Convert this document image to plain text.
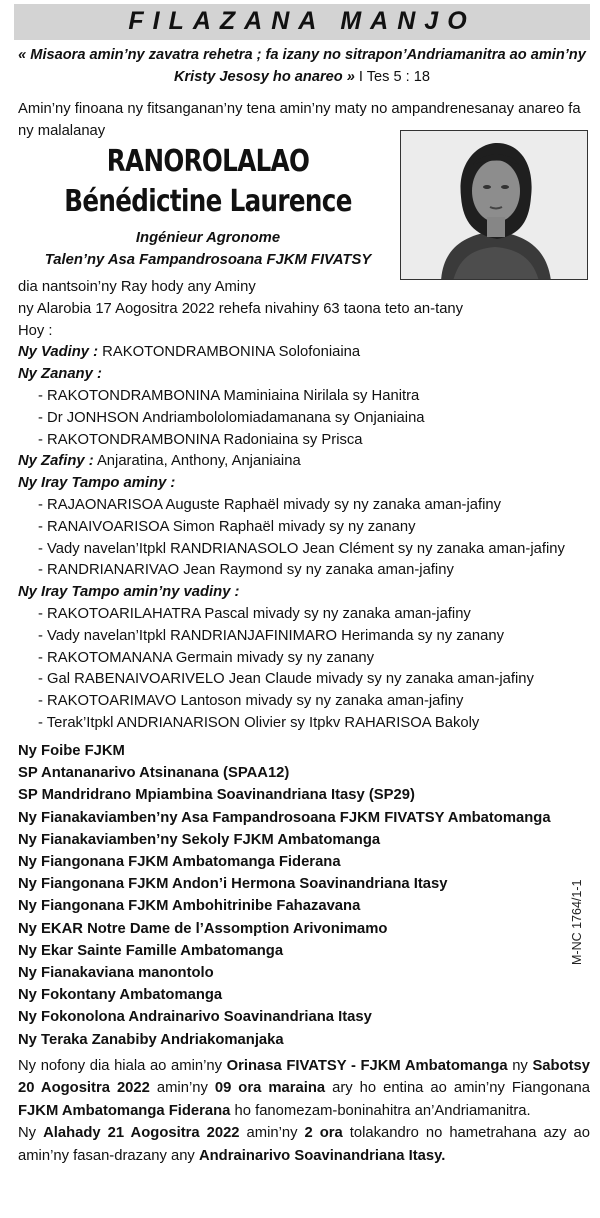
FILAZANA MANJO
« Misaora amin’ny zavatra rehetra ; fa izany no sitrapon’Andriamanitra ao amin’ny Kristy Jesosy ho anareo » I Tes 5 : 18
Amin’ny finoana ny fitsanganan’ny tena amin’ny maty no ampandrenesanay anareo fa ny malalanay
RANOROLALAO
Bénédictine Laurence
Ingénieur Agronome
Talen’ny Asa Fampandrosoana FJKM FIVATSY
dia nantsoin’ny Ray hody any Aminy
ny Alarobia 17 Aogositra 2022 rehefa nivahiny 63 taona teto an-tany
Hoy :
Ny Vadiny : RAKOTONDRAMBONINA Solofoniaina
Ny Zanany :
- RAKOTONDRAMBONINA Maminiaina Nirilala sy Hanitra
- Dr JONHSON Andriambololomiadamanana sy Onjaniaina
- RAKOTONDRAMBONINA Radoniaina sy Prisca
Ny Zafiny : Anjaratina, Anthony, Anjaniaina
Ny Iray Tampo aminy :
- RAJAONARISOA Auguste Raphaël mivady sy ny zanaka aman-jafiny
- RANAIVOARISOA Simon Raphaël mivady sy ny zanany
- Vady navelan’Itpkl RANDRIANASOLO Jean Clément sy ny zanaka aman-jafiny
- RANDRIANARIVAO Jean Raymond sy ny zanaka aman-jafiny
Ny Iray Tampo amin’ny vadiny :
- RAKOTOARILAHATRA Pascal mivady sy ny zanaka aman-jafiny
- Vady navelan’Itpkl RANDRIANJAFINIMARO Herimanda sy ny zanany
- RAKOTOMANANA Germain mivady sy ny zanany
- Gal RABENAIVOARIVELO Jean Claude mivady sy ny zanaka aman-jafiny
- RAKOTOARIMAVO Lantoson mivady sy ny zanaka aman-jafiny
- Terak’Itpkl ANDRIANARISON Olivier sy Itpkv RAHARISOA Bakoly
Ny Foibe FJKM
SP Antananarivo Atsinanana (SPAA12)
SP Mandridrano Mpiambina Soavinandriana Itasy (SP29)
Ny Fianakaviamben’ny Asa Fampandrosoana FJKM FIVATSY Ambatomanga
Ny Fianakaviamben’ny Sekoly FJKM Ambatomanga
Ny Fiangonana FJKM Ambatomanga Fiderana
Ny Fiangonana FJKM Andon’i Hermona Soavinandriana Itasy
Ny Fiangonana FJKM Ambohitrinibe Fahazavana
Ny EKAR Notre Dame de l’Assomption Arivonimamo
Ny Ekar Sainte Famille Ambatomanga
Ny Fianakaviana manontolo
Ny Fokontany Ambatomanga
Ny Fokonolona Andrainarivo Soavinandriana Itasy
Ny Teraka Zanabiby Andriakomanjaka
M-NC 1764/1-1

Ny nofony dia hiala ao amin’ny Orinasa FIVATSY - FJKM Ambatomanga ny Sabotsy 20 Aogositra 2022 amin’ny 09 ora maraina ary ho entina ao amin’ny Fiangonana FJKM Ambatomanga Fiderana ho fanomezam-boninahitra an’Andriamanitra.

Ny Alahady 21 Aogositra 2022 amin’ny 2 ora tolakandro no hametrahana azy ao amin’ny fasan-drazany any Andrainarivo Soavinandriana Itasy.
